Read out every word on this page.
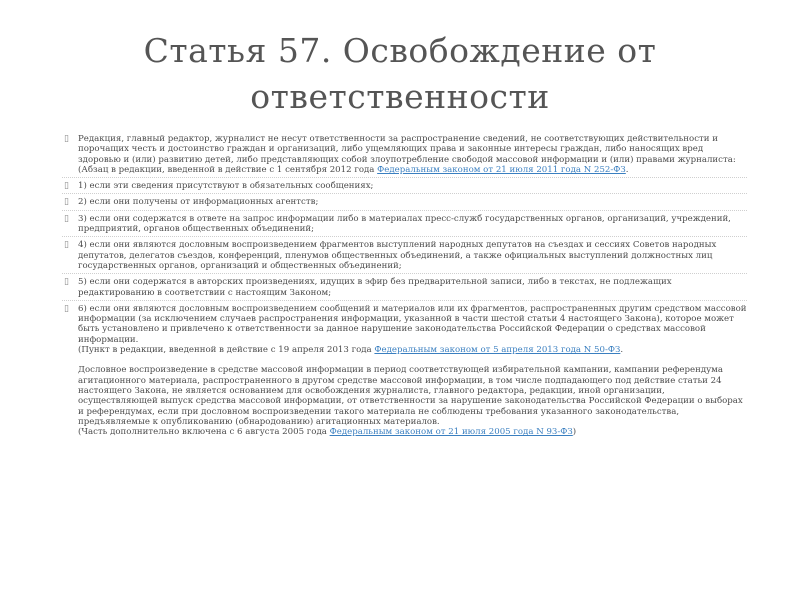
Статья 57. Освобождение от ответственности
▯ Редакция, главный редактор, журналист не несут ответственности за распространение сведений, не соответствующих действительности и порочащих честь и достоинство граждан и организаций, либо ущемляющих права и законные интересы граждан, либо наносящих вред здоровью и (или) развитию детей, либо представляющих собой злоупотребление свободой массовой информации и (или) правами журналиста:
(Абзац в редакции, введенной в действие с 1 сентября 2012 года Федеральным законом от 21 июля 2011 года N 252-ФЗ.
▯ 1) если эти сведения присутствуют в обязательных сообщениях;
▯ 2) если они получены от информационных агентств;
▯ 3) если они содержатся в ответе на запрос информации либо в материалах пресс-служб государственных органов, организаций, учреждений, предприятий, органов общественных объединений;
▯ 4) если они являются дословным воспроизведением фрагментов выступлений народных депутатов на съездах и сессиях Советов народных депутатов, делегатов съездов, конференций, пленумов общественных объединений, а также официальных выступлений должностных лиц государственных органов, организаций и общественных объединений;
▯ 5) если они содержатся в авторских произведениях, идущих в эфир без предварительной записи, либо в текстах, не подлежащих редактированию в соответствии с настоящим Законом;
▯ 6) если они являются дословным воспроизведением сообщений и материалов или их фрагментов, распространенных другим средством массовой информации (за исключением случаев распространения информации, указанной в части шестой статьи 4 настоящего Закона), которое может быть установлено и привлечено к ответственности за данное нарушение законодательства Российской Федерации о средствах массовой информации.
(Пункт в редакции, введенной в действие с 19 апреля 2013 года Федеральным законом от 5 апреля 2013 года N 50-ФЗ.
Дословное воспроизведение в средстве массовой информации в период соответствующей избирательной кампании, кампании референдума агитационного материала, распространенного в другом средстве массовой информации, в том числе подпадающего под действие статьи 24 настоящего Закона, не является основанием для освобождения журналиста, главного редактора, редакции, иной организации, осуществляющей выпуск средства массовой информации, от ответственности за нарушение законодательства Российской Федерации о выборах и референдумах, если при дословном воспроизведении такого материала не соблюдены требования указанного законодательства, предъявляемые к опубликованию (обнародованию) агитационных материалов.
(Часть дополнительно включена с 6 августа 2005 года Федеральным законом от 21 июля 2005 года N 93-ФЗ)
